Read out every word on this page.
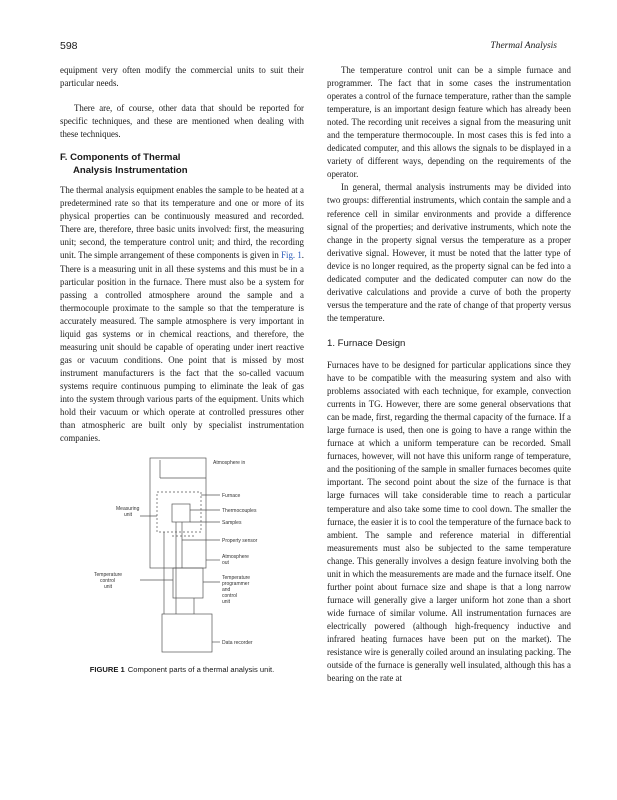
598	Thermal Analysis

equipment very often modify the commercial units to suit their particular needs.

There are, of course, other data that should be reported for specific techniques, and these are mentioned when dealing with these techniques.

F. Components of Thermal
Analysis Instrumentation

The thermal analysis equipment enables the sample to be heated at a predetermined rate so that its temperature and one or more of its physical properties can be continuously measured and recorded. There are, therefore, three basic units involved: first, the measuring unit; second, the temperature control unit; and third, the recording unit. The simple arrangement of these components is given in Fig. 1. There is a measuring unit in all these systems and this must be in a particular position in the furnace. There must also be a system for passing a controlled atmosphere around the sample and a thermocouple proximate to the sample so that the temperature is accurately measured. The sample atmosphere is very important in liquid gas systems or in chemical reactions, and therefore, the measuring unit should be capable of operating under inert reactive gas or vacuum conditions. One point that is missed by most instrument manufacturers is the fact that the so-called vacuum systems require continuous pumping to eliminate the leak of gas into the system through various parts of the equipment. Units which hold their vacuum or which operate at controlled pressures other than atmospheric are built only by specialist instrumentation companies.

Atmosphere in
Furnace
Thermocouples
Samples
Property sensor
Atmosphere
out
Measuring
unit
Temperature
control
unit
Temperature
programmer
and
control
unit
Data recorder
FIGURE 1 Component parts of a thermal analysis unit.

The temperature control unit can be a simple furnace and programmer. The fact that in some cases the instrumentation operates a control of the furnace temperature, rather than the sample temperature, is an important design feature which has already been noted. The recording unit receives a signal from the measuring unit and the temperature thermocouple. In most cases this is fed into a dedicated computer, and this allows the signals to be displayed in a variety of different ways, depending on the requirements of the operator.

In general, thermal analysis instruments may be divided into two groups: differential instruments, which contain the sample and a reference cell in similar environments and provide a difference signal of the properties; and derivative instruments, which note the change in the property signal versus the temperature as a proper derivative signal. However, it must be noted that the latter type of device is no longer required, as the property signal can be fed into a dedicated computer and the dedicated computer can now do the derivative calculations and provide a curve of both the property versus the temperature and the rate of change of that property versus the temperature.

1. Furnace Design

Furnaces have to be designed for particular applications since they have to be compatible with the measuring system and also with problems associated with each technique, for example, convection currents in TG. However, there are some general observations that can be made, first, regarding the thermal capacity of the furnace. If a large furnace is used, then one is going to have a range within the furnace at which a uniform temperature can be recorded. Small furnaces, however, will not have this uniform range of temperature, and the positioning of the sample in smaller furnaces becomes quite important. The second point about the size of the furnace is that large furnaces will take considerable time to reach a particular temperature and also take some time to cool down. The smaller the furnace, the easier it is to cool the temperature of the furnace back to ambient. The sample and reference material in differential measurements must also be subjected to the same temperature change. This generally involves a design feature involving both the unit in which the measurements are made and the furnace itself. One further point about furnace size and shape is that a long narrow furnace will generally give a larger uniform hot zone than a short wide furnace of similar volume. All instrumentation furnaces are electrically powered (although high-frequency inductive and infrared heating furnaces have been put on the market). The resistance wire is generally coiled around an insulating packing. The outside of the furnace is generally well insulated, although this has a bearing on the rate at
